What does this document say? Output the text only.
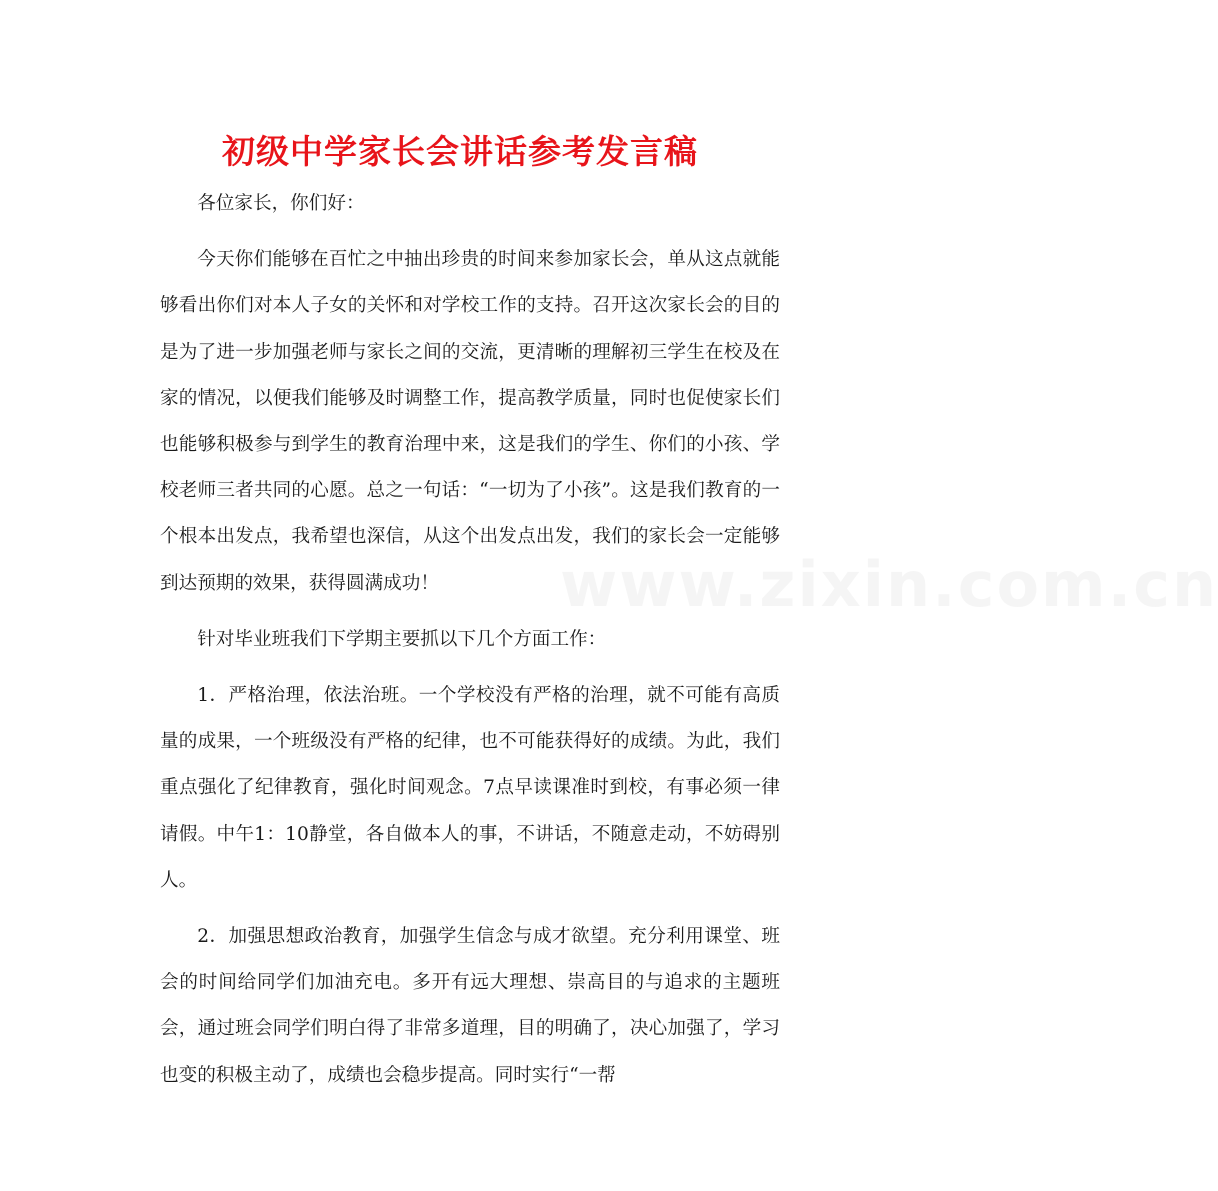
初级中学家长会讲话参考发言稿
www.zixin.com.cn

各位家长，你们好：

今天你们能够在百忙之中抽出珍贵的时间来参加家长会，单从这点就能够看出你们对本人子女的关怀和对学校工作的支持。召开这次家长会的目的是为了进一步加强老师与家长之间的交流，更清晰的理解初三学生在校及在家的情况，以便我们能够及时调整工作，提高教学质量，同时也促使家长们也能够积极参与到学生的教育治理中来，这是我们的学生、你们的小孩、学校老师三者共同的心愿。总之一句话：“一切为了小孩”。这是我们教育的一个根本出发点，我希望也深信，从这个出发点出发，我们的家长会一定能够到达预期的效果，获得圆满成功！

针对毕业班我们下学期主要抓以下几个方面工作：

1．严格治理，依法治班。一个学校没有严格的治理，就不可能有高质量的成果，一个班级没有严格的纪律，也不可能获得好的成绩。为此，我们重点强化了纪律教育，强化时间观念。7点早读课准时到校，有事必须一律请假。中午1：10静堂，各自做本人的事，不讲话，不随意走动，不妨碍别人。

2．加强思想政治教育，加强学生信念与成才欲望。充分利用课堂、班会的时间给同学们加油充电。多开有远大理想、崇高目的与追求的主题班会，通过班会同学们明白得了非常多道理，目的明确了，决心加强了，学习也变的积极主动了，成绩也会稳步提高。同时实行“一帮
